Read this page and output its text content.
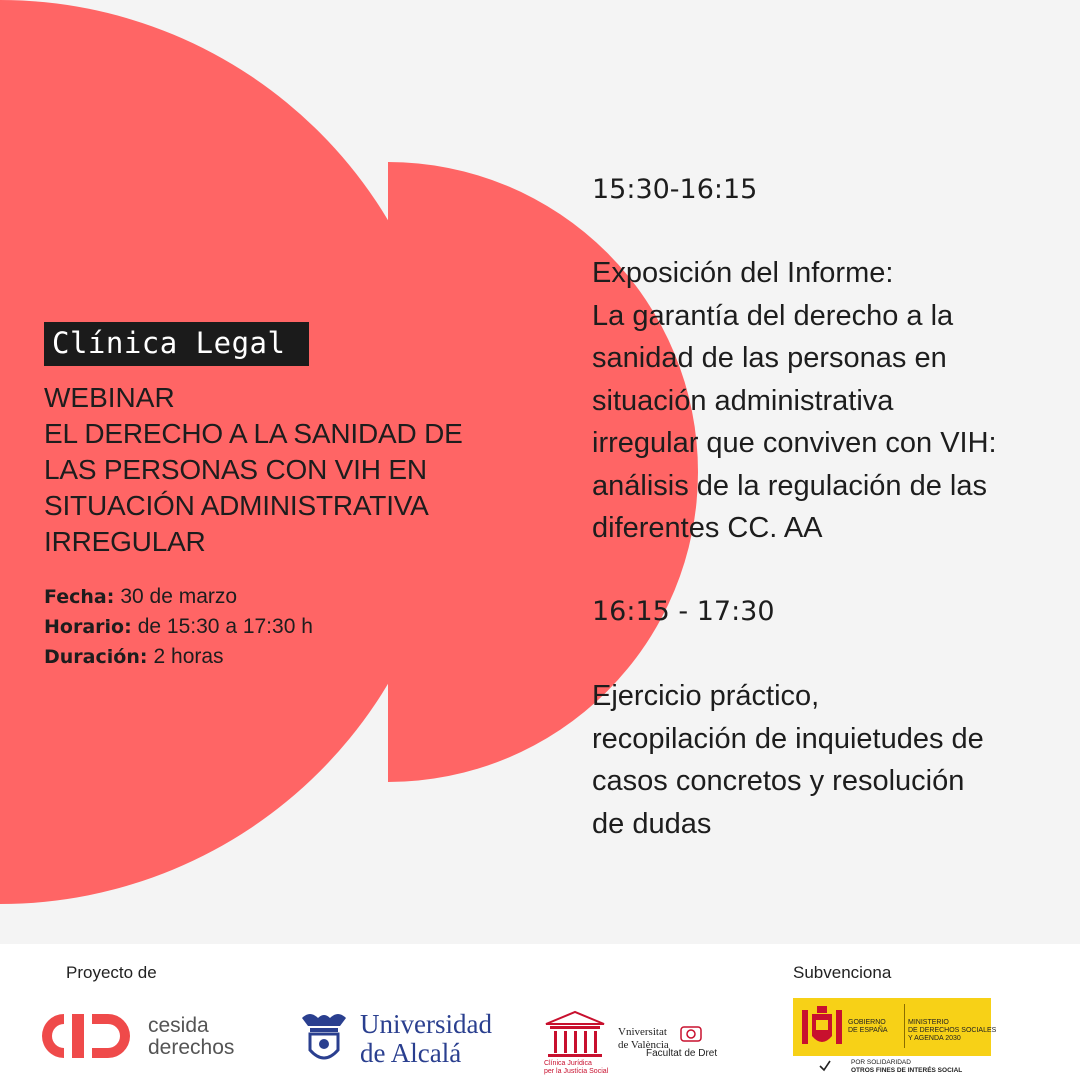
Clínica Legal
WEBINAR
EL DERECHO A LA SANIDAD DE
LAS PERSONAS CON VIH EN
SITUACIÓN ADMINISTRATIVA
IRREGULAR
Fecha: 30 de marzo
Horario: de 15:30 a 17:30 h
Duración: 2 horas
15:30-16:15
Exposición del Informe:
La garantía del derecho a la
sanidad de las personas en
situación administrativa
irregular que conviven con VIH:
análisis de la regulación de las
diferentes CC. AA
16:15 - 17:30
Ejercicio práctico,
recopilación de inquietudes de
casos concretos y resolución
de dudas
Proyecto de	Subvenciona
cesida
derechos
Universidad
de Alcalá	Clínica Jurídica
per la Justícia Social
Vniversitat
de València
Facultat de Dret
GOBIERNO
DE ESPAÑA
MINISTERIO
DE DERECHOS SOCIALES
Y AGENDA 2030
POR SOLIDARIDAD
OTROS FINES DE INTERÉS SOCIAL
